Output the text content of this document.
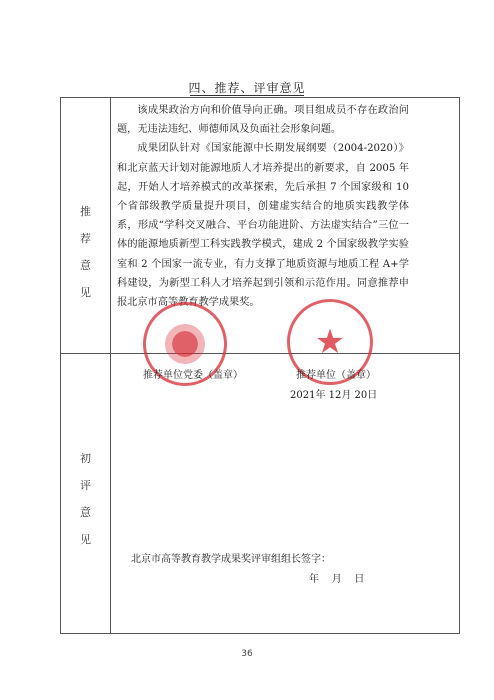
四、推荐、评审意见
推
荐
意
见

该成果政治方向和价值导向正确。项目组成员不存在政治问题，无违法违纪、师德师风及负面社会形象问题。

成果团队针对《国家能源中长期发展纲要（2004-2020）》和北京蓝天计划对能源地质人才培养提出的新要求，自 2005 年起，开始人才培养模式的改革探索，先后承担 7 个国家级和 10 个省部级教学质量提升项目，创建虚实结合的地质实践教学体系，形成“学科交叉融合、平台功能进阶、方法虚实结合”三位一体的能源地质新型工科实践教学模式，建成 2 个国家级教学实验室和 2 个国家一流专业，有力支撑了地质资源与地质工程 A+学科建设，为新型工科人才培养起到引领和示范作用。同意推荐申报北京市高等教育教学成果奖。

★
推荐单位党委（盖章）	推荐单位（盖章）
2021年 12月 20日
初
评
意
见
北京市高等教育教学成果奖评审组组长签字：
年    月    日
36
